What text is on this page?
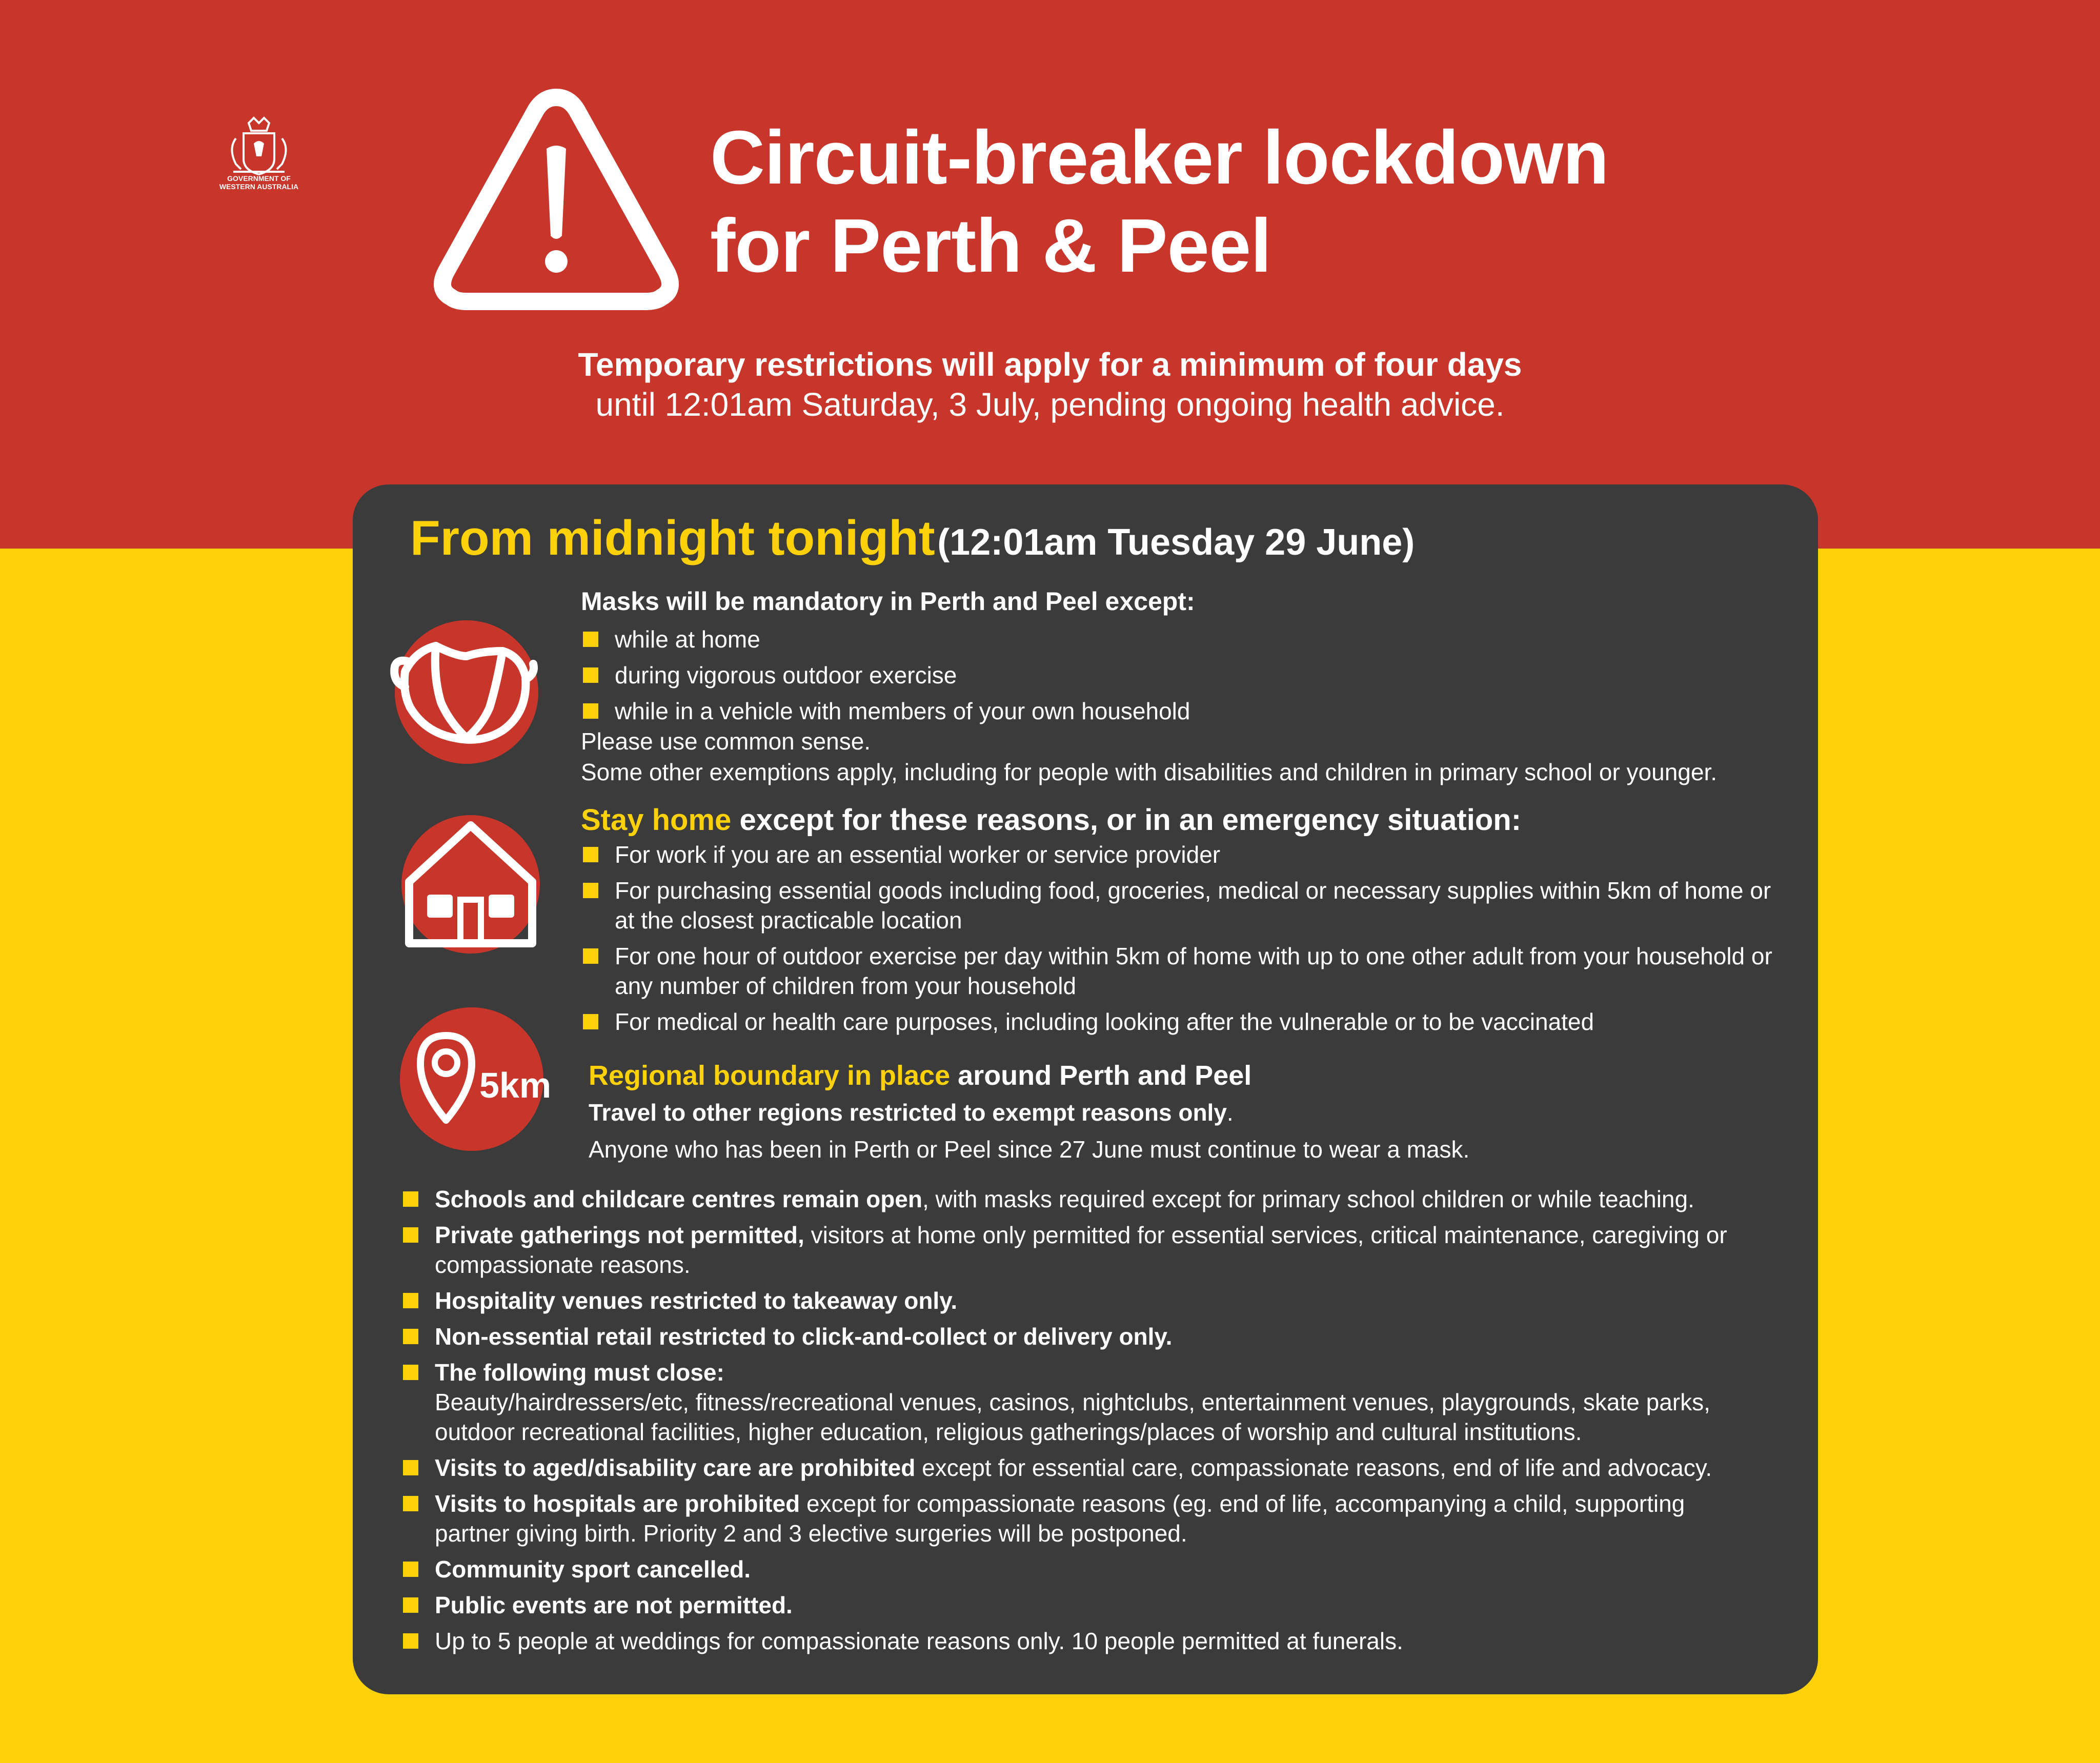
GOVERNMENT OF
WESTERN AUSTRALIA	Circuit-breaker lockdown
for Perth & Peel
Temporary restrictions will apply for a minimum of four days
until 12:01am Saturday, 3 July, pending ongoing health advice.
From midnight tonight (12:01am Tuesday 29 June)
Masks will be mandatory in Perth and Peel except:
while at home
during vigorous outdoor exercise
while in a vehicle with members of your own household
Please use common sense.
Some other exemptions apply, including for people with disabilities and children in primary school or younger.
Stay home except for these reasons, or in an emergency situation:
For work if you are an essential worker or service provider
For purchasing essential goods including food, groceries, medical or necessary supplies within 5km of home or at the closest practicable location
For one hour of outdoor exercise per day within 5km of home with up to one other adult from your household or any number of children from your household
For medical or health care purposes, including looking after the vulnerable or to be vaccinated
5km Regional boundary in place around Perth and Peel
Travel to other regions restricted to exempt reasons only.
Anyone who has been in Perth or Peel since 27 June must continue to wear a mask.
Schools and childcare centres remain open, with masks required except for primary school children or while teaching.
Private gatherings not permitted, visitors at home only permitted for essential services, critical maintenance, caregiving or compassionate reasons.
Hospitality venues restricted to takeaway only.
Non-essential retail restricted to click-and-collect or delivery only.
The following must close:
Beauty/hairdressers/etc, fitness/recreational venues, casinos, nightclubs, entertainment venues, playgrounds, skate parks, outdoor recreational facilities, higher education, religious gatherings/places of worship and cultural institutions.
Visits to aged/disability care are prohibited except for essential care, compassionate reasons, end of life and advocacy.
Visits to hospitals are prohibited except for compassionate reasons (eg. end of life, accompanying a child, supporting partner giving birth. Priority 2 and 3 elective surgeries will be postponed.
Community sport cancelled.
Public events are not permitted.
Up to 5 people at weddings for compassionate reasons only. 10 people permitted at funerals.
